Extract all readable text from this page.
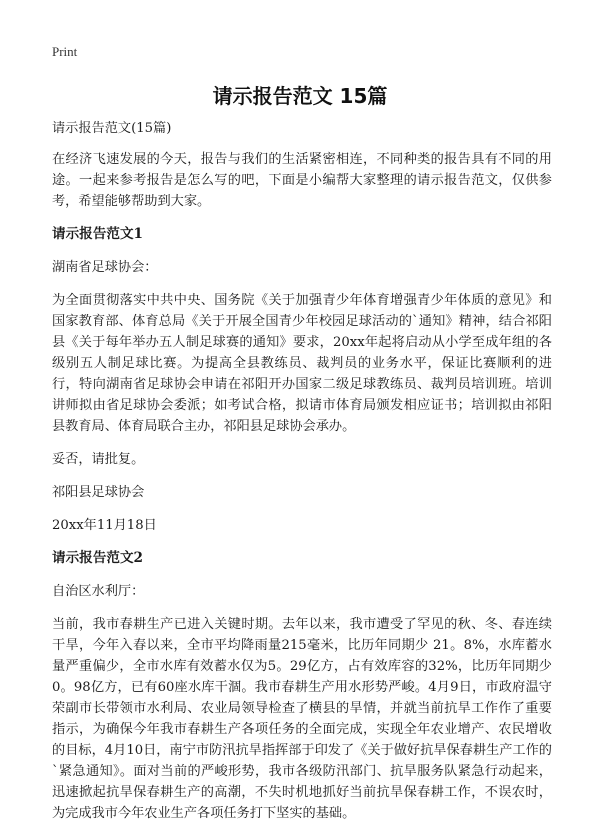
Print
请示报告范文 15篇

请示报告范文(15篇)

在经济飞速发展的今天，报告与我们的生活紧密相连，不同种类的报告具有不同的用途。一起来参考报告是怎么写的吧，下面是小编帮大家整理的请示报告范文，仅供参考，希望能够帮助到大家。

请示报告范文1

湖南省足球协会：

为全面贯彻落实中共中央、国务院《关于加强青少年体育增强青少年体质的意见》和国家教育部、体育总局《关于开展全国青少年校园足球活动的`通知》精神，结合祁阳县《关于每年举办五人制足球赛的通知》要求，20xx年起将启动从小学至成年组的各级别五人制足球比赛。为提高全县教练员、裁判员的业务水平，保证比赛顺利的进行，特向湖南省足球协会申请在祁阳开办国家二级足球教练员、裁判员培训班。培训讲师拟由省足球协会委派；如考试合格，拟请市体育局颁发相应证书；培训拟由祁阳县教育局、体育局联合主办，祁阳县足球协会承办。

妥否，请批复。

祁阳县足球协会

20xx年11月18日

请示报告范文2

自治区水利厅：

当前，我市春耕生产已进入关键时期。去年以来，我市遭受了罕见的秋、冬、春连续干旱，今年入春以来，全市平均降雨量215毫米，比历年同期少 21。8%，水库蓄水量严重偏少，全市水库有效蓄水仅为5。29亿方，占有效库容的32%，比历年同期少0。98亿方，已有60座水库干涸。我市春耕生产用水形势严峻。4月9日，市政府温守荣副市长带领市水利局、农业局领导检查了横县的旱情，并就当前抗旱工作作了重要指示，为确保今年我市春耕生产各项任务的全面完成，实现全年农业增产、农民增收的目标，4月10日，南宁市防汛抗旱指挥部于印发了《关于做好抗旱保春耕生产工作的`紧急通知》。面对当前的严峻形势，我市各级防汛部门、抗旱服务队紧急行动起来，迅速掀起抗旱保春耕生产的高潮，不失时机地抓好当前抗旱保春耕工作，不误农时，为完成我市今年农业生产各项任务打下坚实的基础。
